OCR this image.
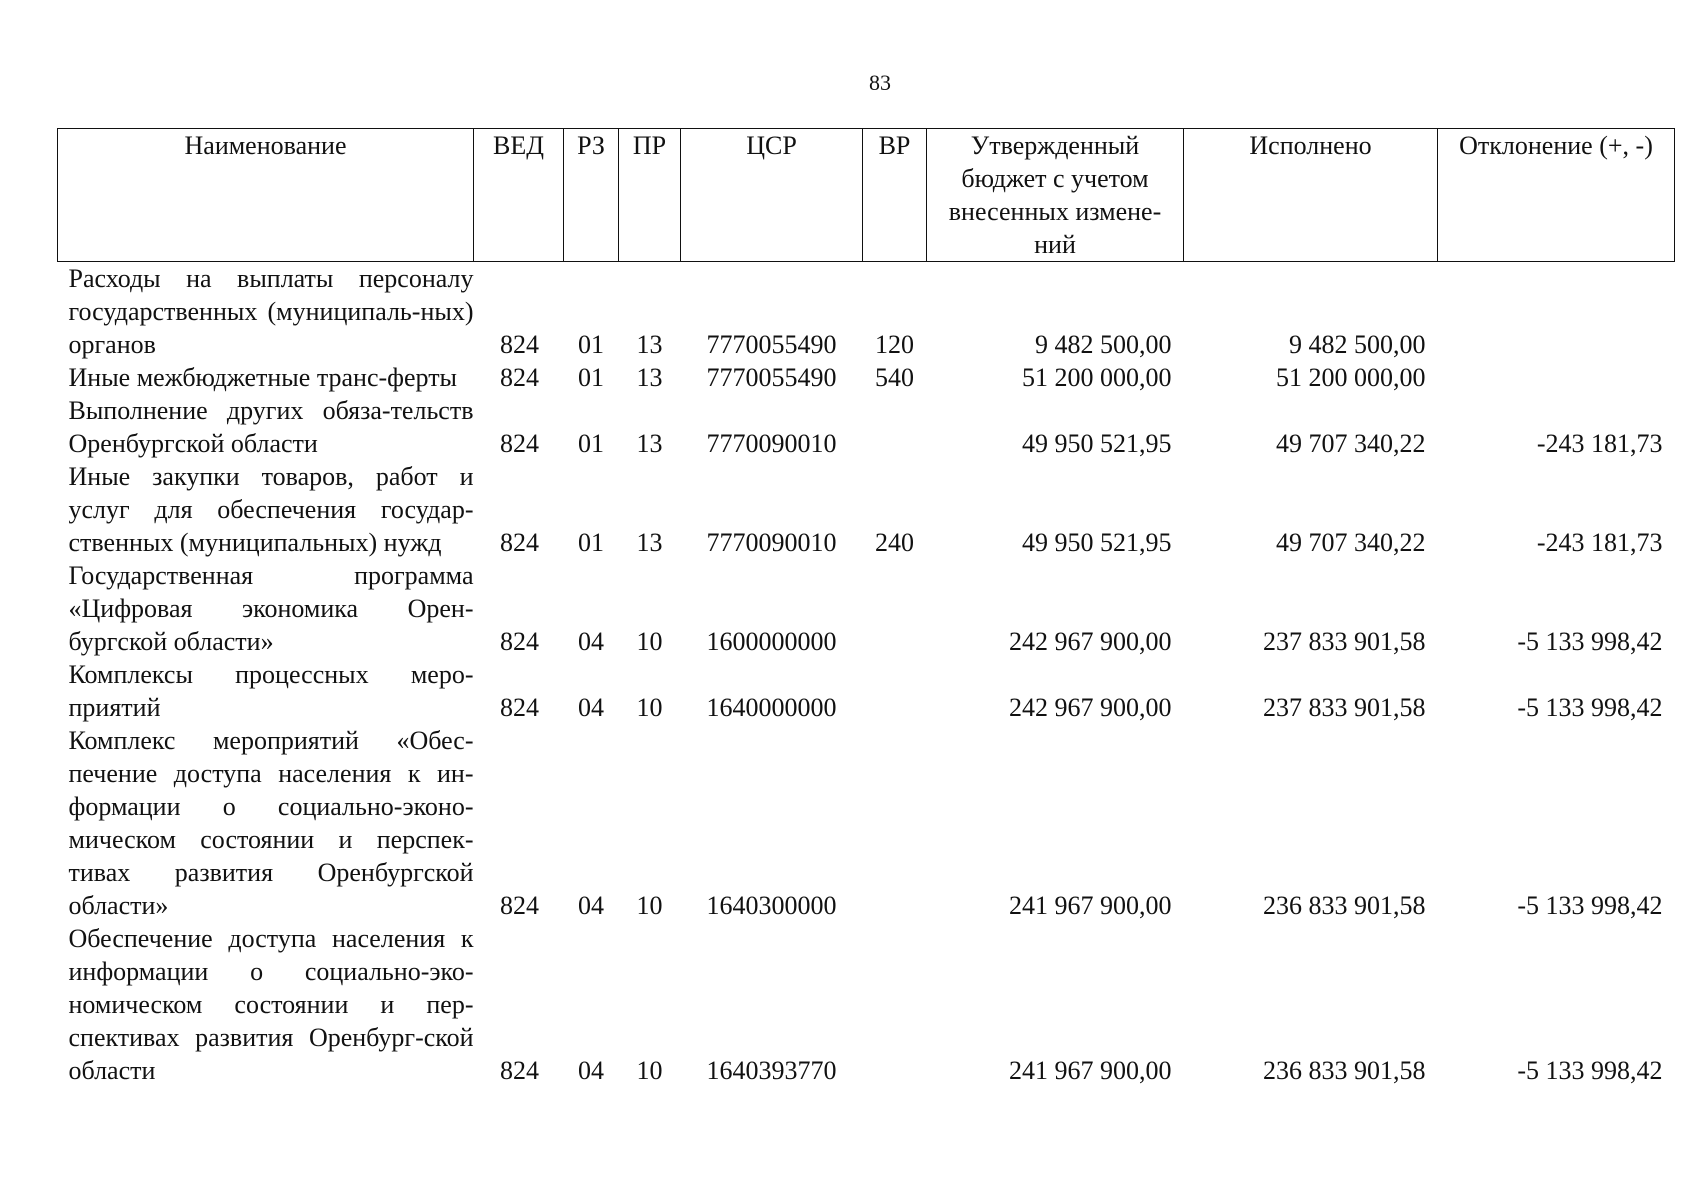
83
Наименование	ВЕД	РЗ	ПР	ЦСР	ВР	Утвержденный бюджет с учетом внесенных измене-ний	Исполнено	Отклонение (+, -)
Расходы на выплаты персоналу государственных (муниципаль-ных) органов	824	01	13	7770055490	120	9 482 500,00	9 482 500,00	
Иные межбюджетные транс-ферты	824	01	13	7770055490	540	51 200 000,00	51 200 000,00	
Выполнение других обяза-тельств Оренбургской области	824	01	13	7770090010		49 950 521,95	49 707 340,22	-243 181,73
Иные закупки товаров, работ и услуг для обеспечения государ-ственных (муниципальных) нужд	824	01	13	7770090010	240	49 950 521,95	49 707 340,22	-243 181,73
Государственная программа «Цифровая экономика Орен-бургской области»	824	04	10	1600000000		242 967 900,00	237 833 901,58	-5 133 998,42
Комплексы процессных меро-приятий	824	04	10	1640000000		242 967 900,00	237 833 901,58	-5 133 998,42
Комплекс мероприятий «Обес-печение доступа населения к ин-формации о социально-эконо-мическом состоянии и перспек-тивах развития Оренбургской области»	824	04	10	1640300000		241 967 900,00	236 833 901,58	-5 133 998,42
Обеспечение доступа населения к информации о социально-эко-номическом состоянии и пер-спективах развития Оренбург-ской области	824	04	10	1640393770		241 967 900,00	236 833 901,58	-5 133 998,42
